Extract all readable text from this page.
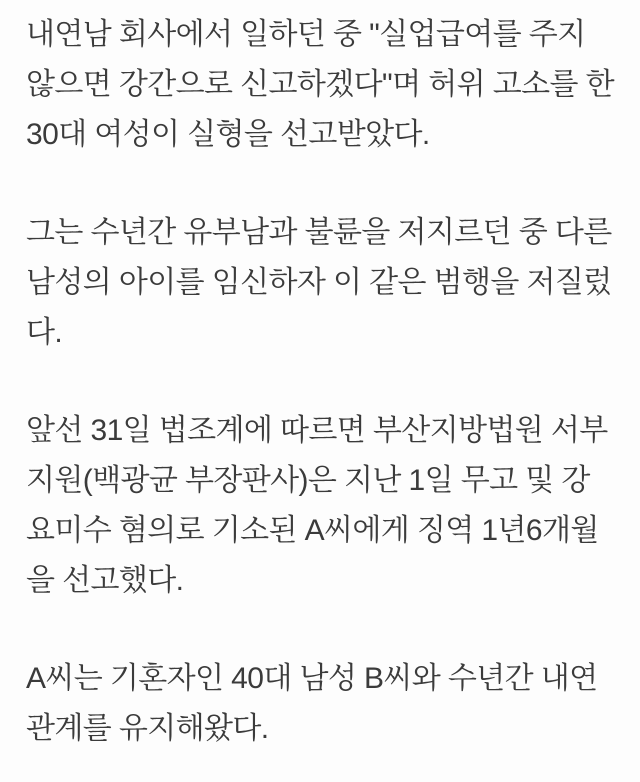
내연남 회사에서 일하던 중 "실업급여를 주지 않으면 강간으로 신고하겠다"며 허위 고소를 한 30대 여성이 실형을 선고받았다.

그는 수년간 유부남과 불륜을 저지르던 중 다른 남성의 아이를 임신하자 이 같은 범행을 저질렀다.

앞선 31일 법조계에 따르면 부산지방법원 서부지원(백광균 부장판사)은 지난 1일 무고 및 강요미수 혐의로 기소된 A씨에게 징역 1년6개월을 선고했다.

A씨는 기혼자인 40대 남성 B씨와 수년간 내연 관계를 유지해왔다.
